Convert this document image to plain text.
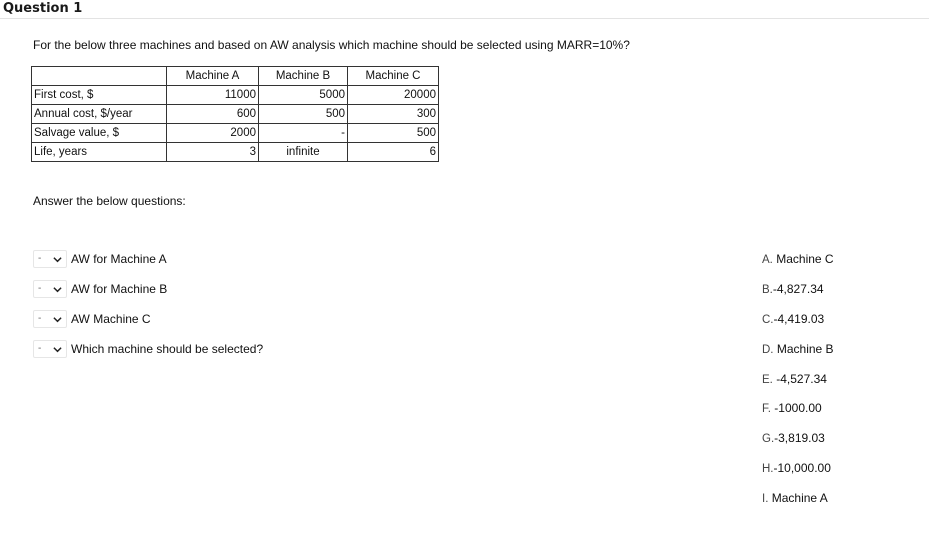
Question 1
For the below three machines and based on AW analysis which machine should be selected using MARR=10%?
	Machine A	Machine B	Machine C
First cost, $	11000	5000	20000
Annual cost, $/year	600	500	300
Salvage value, $	2000	-	500
Life, years	3	infinite	6
Answer the below questions:
- AW for Machine A
- AW for Machine B
- AW Machine C
- Which machine should be selected?
A. Machine C
B.-4,827.34
C.-4,419.03
D. Machine B
E. -4,527.34
F. -1000.00
G.-3,819.03
H.-10,000.00
I. Machine A
